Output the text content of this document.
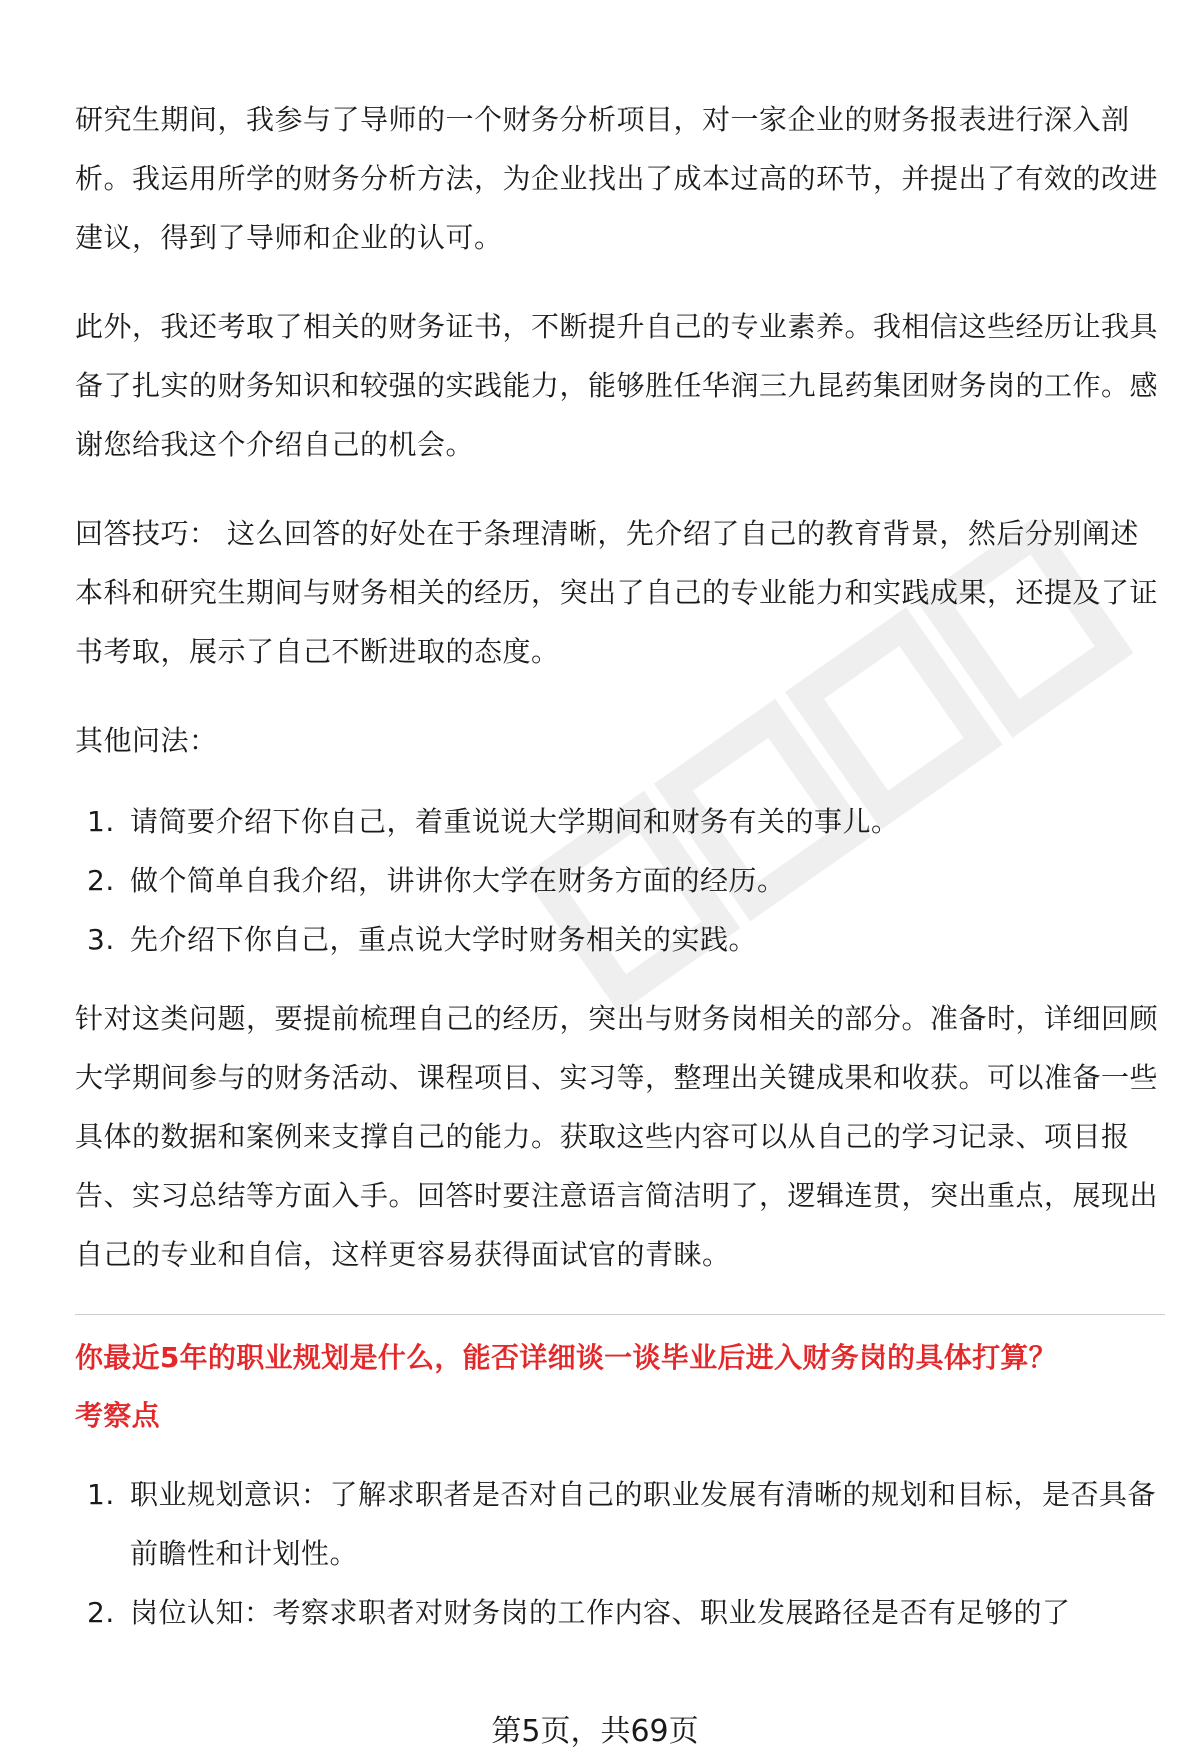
研究生期间，我参与了导师的一个财务分析项目，对一家企业的财务报表进行深入剖析。我运用所学的财务分析方法，为企业找出了成本过高的环节，并提出了有效的改进建议，得到了导师和企业的认可。

此外，我还考取了相关的财务证书，不断提升自己的专业素养。我相信这些经历让我具备了扎实的财务知识和较强的实践能力，能够胜任华润三九昆药集团财务岗的工作。感谢您给我这个介绍自己的机会。

回答技巧： 这么回答的好处在于条理清晰，先介绍了自己的教育背景，然后分别阐述本科和研究生期间与财务相关的经历，突出了自己的专业能力和实践成果，还提及了证书考取，展示了自己不断进取的态度。

其他问法：

1. 请简要介绍下你自己，着重说说大学期间和财务有关的事儿。
2. 做个简单自我介绍，讲讲你大学在财务方面的经历。
3. 先介绍下你自己，重点说大学时财务相关的实践。

针对这类问题，要提前梳理自己的经历，突出与财务岗相关的部分。准备时，详细回顾大学期间参与的财务活动、课程项目、实习等，整理出关键成果和收获。可以准备一些具体的数据和案例来支撑自己的能力。获取这些内容可以从自己的学习记录、项目报告、实习总结等方面入手。回答时要注意语言简洁明了，逻辑连贯，突出重点，展现出自己的专业和自信，这样更容易获得面试官的青睐。

你最近5年的职业规划是什么，能否详细谈一谈毕业后进入财务岗的具体打算？

考察点

1. 职业规划意识：了解求职者是否对自己的职业发展有清晰的规划和目标，是否具备前瞻性和计划性。
2. 岗位认知：考察求职者对财务岗的工作内容、职业发展路径是否有足够的了
第5页，共69页
